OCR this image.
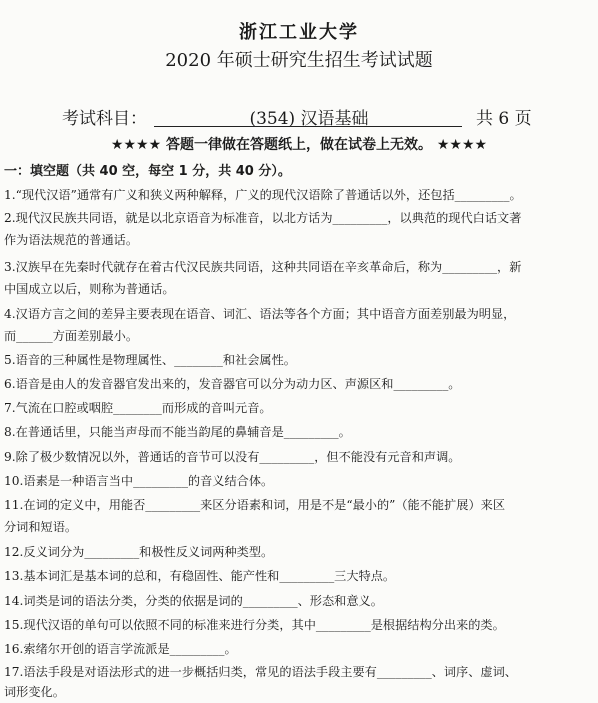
浙江工业大学
2020 年硕士研究生招生考试试题
考试科目：	(354) 汉语基础	共 6 页
★★★★ 答题一律做在答题纸上，做在试卷上无效。 ★★★★
一：填空题（共 40 空，每空 1 分，共 40 分）。
1.“现代汉语”通常有广义和狭义两种解释，广义的现代汉语除了普通话以外，还包括_________。
2.现代汉民族共同语，就是以北京语音为标准音，以北方话为_________，以典范的现代白话文著
作为语法规范的普通话。
3.汉族早在先秦时代就存在着古代汉民族共同语，这种共同语在辛亥革命后，称为_________，新
中国成立以后，则称为普通话。
4.汉语方言之间的差异主要表现在语音、词汇、语法等各个方面；其中语音方面差别最为明显，
而______方面差别最小。
5.语音的三种属性是物理属性、________和社会属性。
6.语音是由人的发音器官发出来的，发音器官可以分为动力区、声源区和_________。
7.气流在口腔或咽腔________而形成的音叫元音。
8.在普通话里，只能当声母而不能当韵尾的鼻辅音是_________。
9.除了极少数情况以外，普通话的音节可以没有_________，但不能没有元音和声调。
10.语素是一种语言当中_________的音义结合体。
11.在词的定义中，用能否_________来区分语素和词，用是不是“最小的”（能不能扩展）来区
分词和短语。
12.反义词分为_________和极性反义词两种类型。
13.基本词汇是基本词的总和，有稳固性、能产性和_________三大特点。
14.词类是词的语法分类，分类的依据是词的_________、形态和意义。
15.现代汉语的单句可以依照不同的标准来进行分类，其中_________是根据结构分出来的类。
16.索绪尔开创的语言学流派是_________。
17.语法手段是对语法形式的进一步概括归类，常见的语法手段主要有_________、词序、虚词、
词形变化。
